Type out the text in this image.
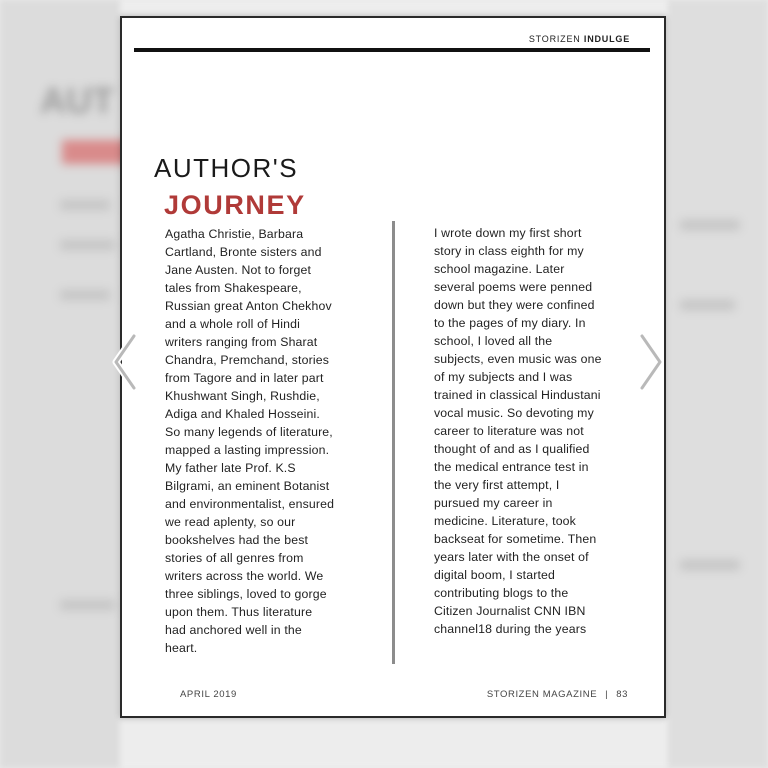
AUT
STORIZEN INDULGE
AUTHOR'S
JOURNEY

Agatha Christie, Barbara
Cartland, Bronte sisters and
Jane Austen. Not to forget
tales from Shakespeare,
Russian great Anton Chekhov
and a whole roll of Hindi
writers ranging from Sharat
Chandra, Premchand, stories
from Tagore and in later part
Khushwant Singh, Rushdie,
Adiga and Khaled Hosseini.
So many legends of literature,
mapped a lasting impression.
My father late Prof. K.S
Bilgrami, an eminent Botanist
and environmentalist, ensured
we read aplenty, so our
bookshelves had the best
stories of all genres from
writers across the world. We
three siblings, loved to gorge
upon them. Thus literature
had anchored well in the
heart.

I wrote down my first short
story in class eighth for my
school magazine. Later
several poems were penned
down but they were confined
to the pages of my diary. In
school, I loved all the
subjects, even music was one
of my subjects and I was
trained in classical Hindustani
vocal music. So devoting my
career to literature was not
thought of and as I qualified
the medical entrance test in
the very first attempt, I
pursued my career in
medicine. Literature, took
backseat for sometime. Then
years later with the onset of
digital boom, I started
contributing blogs to the
Citizen Journalist CNN IBN
channel18 during the years

APRIL 2019	STORIZEN MAGAZINE | 83
